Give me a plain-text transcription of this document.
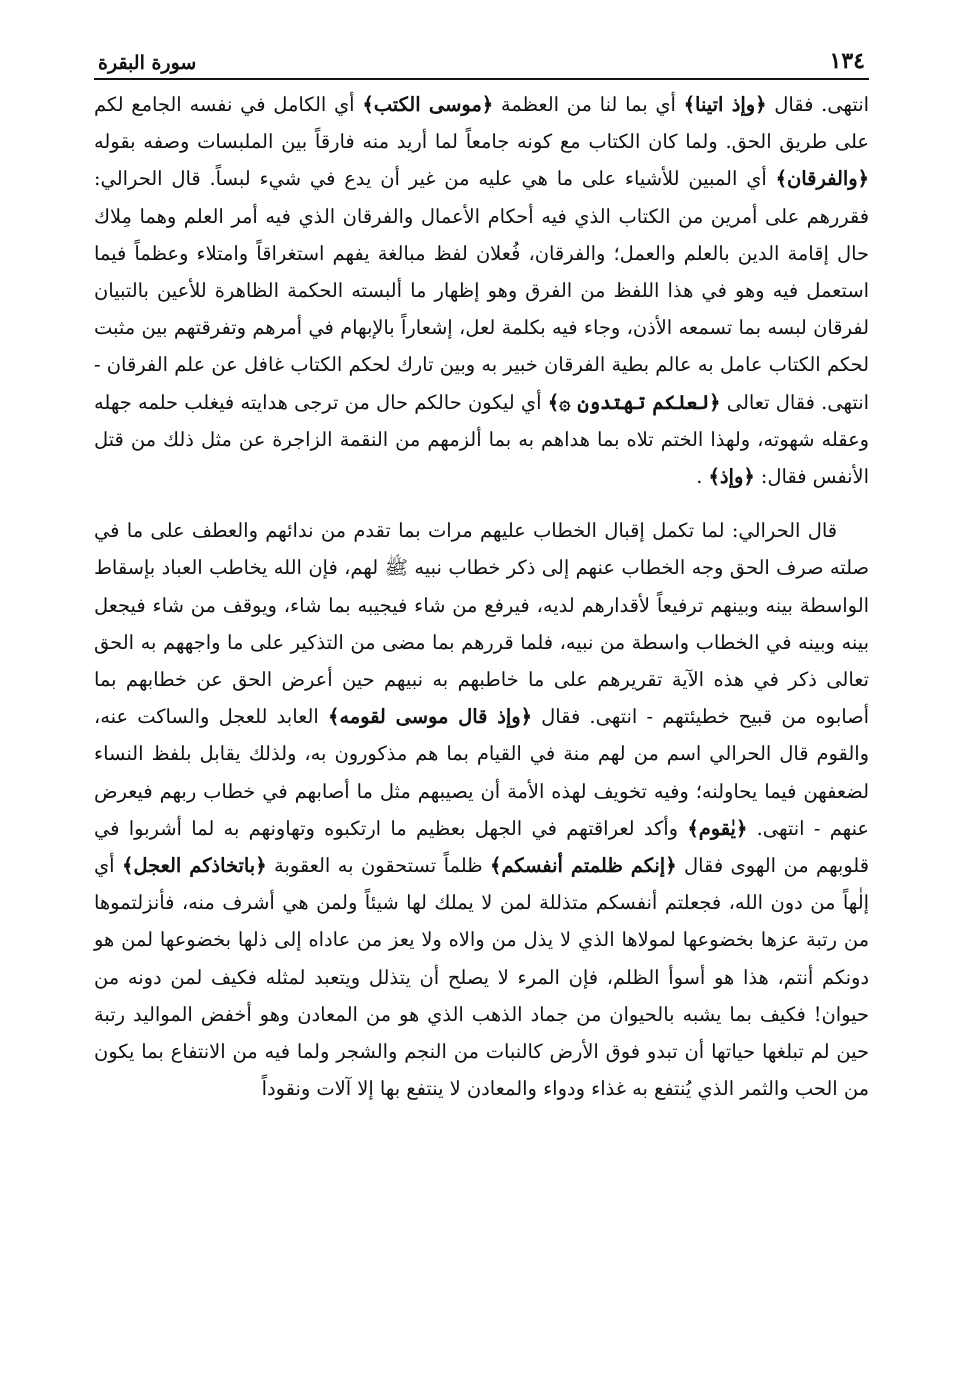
١٣٤
سورة البقرة

انتهى. فقال ﴿ وإذ اتينا ﴾ أي بما لنا من العظمة ﴿ موسى الكتب ﴾ أي الكامل في نفسه الجامع لكم على طريق الحق. ولما كان الكتاب مع كونه جامعاً لما أريد منه فارقاً بين الملبسات وصفه بقوله ﴿ والفرقان ﴾ أي المبين للأشياء على ما هي عليه من غير أن يدع في شيء لبساً. قال الحرالي: فقررهم على أمرين من الكتاب الذي فيه أحكام الأعمال والفرقان الذي فيه أمر العلم وهما مِلاك حال إقامة الدين بالعلم والعمل؛ والفرقان، فُعلان لفظ مبالغة يفهم استغراقاً وامتلاء وعظماً فيما استعمل فيه وهو في هذا اللفظ من الفرق وهو إظهار ما ألبسته الحكمة الظاهرة للأعين بالتبيان لفرقان لبسه بما تسمعه الأذن، وجاء فيه بكلمة لعل، إشعاراً بالإبهام في أمرهم وتفرقتهم بين مثبت لحكم الكتاب عامل به عالم بطية الفرقان خبير به وبين تارك لحكم الكتاب غافل عن علم الفرقان - انتهى. فقال تعالى ﴿ لعلكم تهتدون ۞ ﴾ أي ليكون حالكم حال من ترجى هدايته فيغلب حلمه جهله وعقله شهوته، ولهذا الختم تلاه بما هداهم به بما ألزمهم من النقمة الزاجرة عن مثل ذلك من قتل الأنفس فقال: ﴿ وإذ ﴾ .

قال الحرالي: لما تكمل إقبال الخطاب عليهم مرات بما تقدم من ندائهم والعطف على ما في صلته صرف الحق وجه الخطاب عنهم إلى ذكر خطاب نبيه ﷺ لهم، فإن الله يخاطب العباد بإسقاط الواسطة بينه وبينهم ترفيعاً لأقدارهم لديه، فيرفع من شاء فيجيبه بما شاء، ويوقف من شاء فيجعل بينه وبينه في الخطاب واسطة من نبيه، فلما قررهم بما مضى من التذكير على ما واجههم به الحق تعالى ذكر في هذه الآية تقريرهم على ما خاطبهم به نبيهم حين أعرض الحق عن خطابهم بما أصابوه من قبيح خطيئتهم - انتهى. فقال ﴿ وإذ قال موسى لقومه ﴾ العابد للعجل والساكت عنه، والقوم قال الحرالي اسم من لهم منة في القيام بما هم مذكورون به، ولذلك يقابل بلفظ النساء لضعفهن فيما يحاولنه؛ وفيه تخويف لهذه الأمة أن يصيبهم مثل ما أصابهم في خطاب ربهم فيعرض عنهم - انتهى. ﴿ يٰقوم ﴾ وأكد لعراقتهم في الجهل بعظيم ما ارتكبوه وتهاونهم به لما أشربوا في قلوبهم من الهوى فقال ﴿ إنكم ظلمتم أنفسكم ﴾ ظلماً تستحقون به العقوبة ﴿ باتخاذكم العجل ﴾ أي إلٰهاً من دون الله، فجعلتم أنفسكم متذللة لمن لا يملك لها شيئاً ولمن هي أشرف منه، فأنزلتموها من رتبة عزها بخضوعها لمولاها الذي لا يذل من والاه ولا يعز من عاداه إلى ذلها بخضوعها لمن هو دونكم أنتم، هذا هو أسوأ الظلم، فإن المرء لا يصلح أن يتذلل ويتعبد لمثله فكيف لمن دونه من حيوان! فكيف بما يشبه بالحيوان من جماد الذهب الذي هو من المعادن وهو أخفض المواليد رتبة حين لم تبلغها حياتها أن تبدو فوق الأرض كالنبات من النجم والشجر ولما فيه من الانتفاع بما يكون من الحب والثمر الذي يُنتفع به غذاء ودواء والمعادن لا ينتفع بها إلا آلات ونقوداً
